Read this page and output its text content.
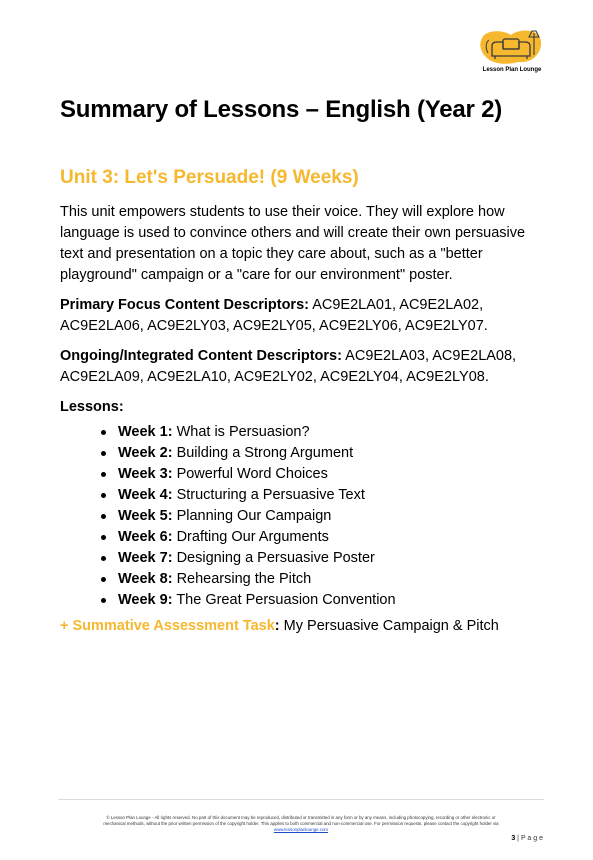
Lesson Plan Lounge
Summary of Lessons – English (Year 2)
Unit 3: Let's Persuade! (9 Weeks)

This unit empowers students to use their voice. They will explore how language is used to convince others and will create their own persuasive text and presentation on a topic they care about, such as a "better playground" campaign or a "care for our environment" poster.

Primary Focus Content Descriptors: AC9E2LA01, AC9E2LA02, AC9E2LA06, AC9E2LY03, AC9E2LY05, AC9E2LY06, AC9E2LY07.

Ongoing/Integrated Content Descriptors: AC9E2LA03, AC9E2LA08, AC9E2LA09, AC9E2LA10, AC9E2LY02, AC9E2LY04, AC9E2LY08.

Lessons:
Week 1: What is Persuasion?
Week 2: Building a Strong Argument
Week 3: Powerful Word Choices
Week 4: Structuring a Persuasive Text
Week 5: Planning Our Campaign
Week 6: Drafting Our Arguments
Week 7: Designing a Persuasive Poster
Week 8: Rehearsing the Pitch
Week 9: The Great Persuasion Convention
+ Summative Assessment Task: My Persuasive Campaign & Pitch
© Lesson Plan Lounge - All rights reserved. No part of this document may be reproduced, distributed or transmitted in any form or by any means, including photocopying, recording or other electronic or
mechanical methods, without the prior written permission of the copyright holder. This applies to both commercial and non-commercial use. For permission requests, please contact the copyright holder via
www.lessonplanlounge.com
3 | P a g e
